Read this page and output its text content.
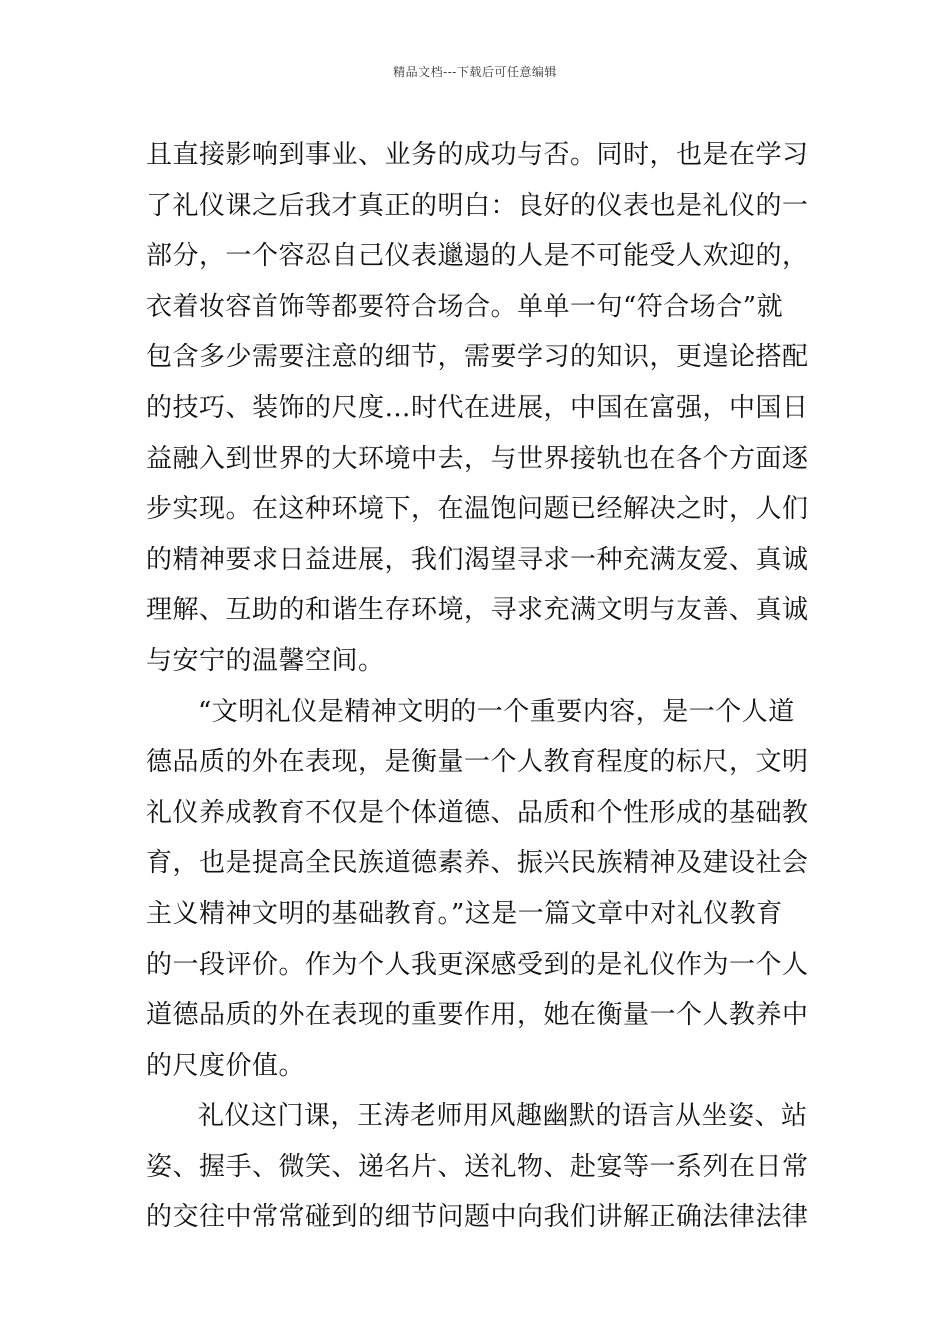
精品文档---下载后可任意编辑
且直接影响到事业、业务的成功与否。同时，也是在学习
了礼仪课之后我才真正的明白：良好的仪表也是礼仪的一
部分，一个容忍自己仪表邋遢的人是不可能受人欢迎的，
衣着妆容首饰等都要符合场合。单单一句“符合场合”就
包含多少需要注意的细节，需要学习的知识，更遑论搭配
的技巧、装饰的尺度…时代在进展，中国在富强，中国日
益融入到世界的大环境中去，与世界接轨也在各个方面逐
步实现。在这种环境下，在温饱问题已经解决之时，人们
的精神要求日益进展，我们渴望寻求一种充满友爱、真诚
理解、互助的和谐生存环境，寻求充满文明与友善、真诚
与安宁的温馨空间。
“文明礼仪是精神文明的一个重要内容，是一个人道
德品质的外在表现，是衡量一个人教育程度的标尺，文明
礼仪养成教育不仅是个体道德、品质和个性形成的基础教
育，也是提高全民族道德素养、振兴民族精神及建设社会
主义精神文明的基础教育。”这是一篇文章中对礼仪教育
的一段评价。作为个人我更深感受到的是礼仪作为一个人
道德品质的外在表现的重要作用，她在衡量一个人教养中
的尺度价值。
礼仪这门课，王涛老师用风趣幽默的语言从坐姿、站
姿、握手、微笑、递名片、送礼物、赴宴等一系列在日常
的交往中常常碰到的细节问题中向我们讲解正确法律法律
